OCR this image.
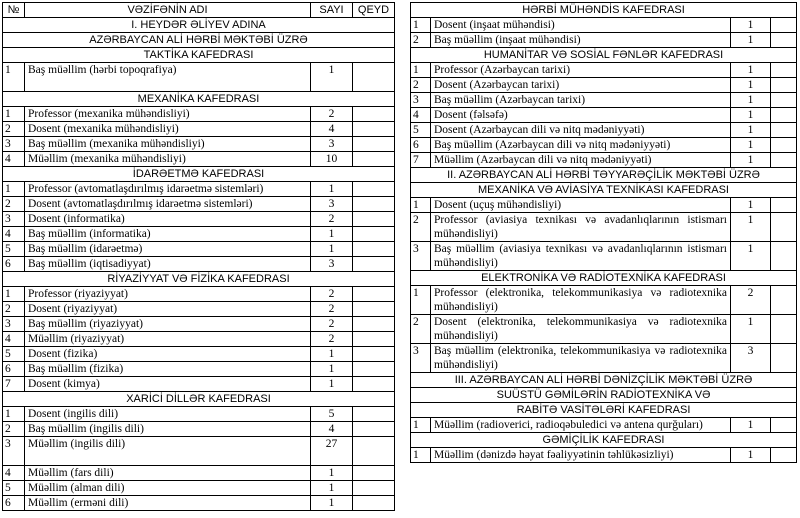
№	VƏZİFƏNİN ADI	SAYI	QEYD
I. HEYDƏR ƏLİYEV ADINA			
AZƏRBAYCAN ALİ HƏRBİ MƏKTƏBİ ÜZRƏ			
TAKTİKA KAFEDRASI			
1	Baş müəllim (hərbi topoqrafiya)	1	
MEXANİKA KAFEDRASI			
1	Professor (mexanika mühəndisliyi)	2	
2	Dosent (mexanika mühəndisliyi)	4	
3	Baş müəllim (mexanika mühəndisliyi)	3	
4	Müəllim (mexanika mühəndisliyi)	10	
İDARƏETMƏ KAFEDRASI			
1	Professor (avtomatlaşdırılmış idarəetmə sistemləri)	1	
2	Dosent (avtomatlaşdırılmış idarəetmə sistemləri)	3	
3	Dosent (informatika)	2	
4	Baş müəllim (informatika)	1	
5	Baş müəllim (idarəetmə)	1	
6	Baş müəllim (iqtisadiyyat)	3	
RİYAZİYYAT VƏ FİZİKA KAFEDRASI			
1	Professor (riyaziyyat)	2	
2	Dosent (riyaziyyat)	2	
3	Baş müəllim (riyaziyyat)	2	
4	Müəllim (riyaziyyat)	2	
5	Dosent (fizika)	1	
6	Baş müəllim (fizika)	1	
7	Dosent (kimya)	1	
XARİCİ DİLLƏR KAFEDRASI			
1	Dosent (ingilis dili)	5	
2	Baş müəllim (ingilis dili)	4	
3	Müəllim (ingilis dili)	27	
4	Müəllim (fars dili)	1	
5	Müəllim (alman dili)	1	
6	Müəllim (erməni dili)	1	
HƏRBİ MÜHƏNDİS KAFEDRASI			
1	Dosent (inşaat mühəndisi)	1	
2	Baş müəllim (inşaat mühəndisi)	1	
HUMANİTAR VƏ SOSİAL FƏNLƏR KAFEDRASI			
1	Professor (Azərbaycan tarixi)	1	
2	Dosent (Azərbaycan tarixi)	1	
3	Baş müəllim (Azərbaycan tarixi)	1	
4	Dosent (fəlsəfə)	1	
5	Dosent (Azərbaycan dili və nitq mədəniyyəti)	1	
6	Baş müəllim (Azərbaycan dili və nitq mədəniyyəti)	1	
7	Müəllim (Azərbaycan dili və nitq mədəniyyəti)	1	
II. AZƏRBAYCAN ALİ HƏRBİ TƏYYARƏÇİLİK MƏKTƏBİ ÜZRƏ			
MEXANİKA VƏ AVİASİYA TEXNİKASI KAFEDRASI			
1	Dosent (uçuş mühəndisliyi)	1	
2	Professor (aviasiya texnikası və avadanlıqlarının istismarı mühəndisliyi)	1	
3	Baş müəllim (aviasiya texnikası və avadanlıqlarının istismarı mühəndisliyi)	1	
ELEKTRONİKA VƏ RADİOTEXNİKA KAFEDRASI			
1	Professor (elektronika, telekommunikasiya və radiotexnika mühəndisliyi)	2	
2	Dosent (elektronika, telekommunikasiya və radiotexnika mühəndisliyi)	1	
3	Baş müəllim (elektronika, telekommunikasiya və radiotexnika mühəndisliyi)	3	
III. AZƏRBAYCAN ALİ HƏRBİ DƏNİZÇİLİK MƏKTƏBİ ÜZRƏ			
SUÜSTÜ GƏMİLƏRİN RADİOTEXNİKA VƏ			
RABİTƏ VASİTƏLƏRİ KAFEDRASI			
1	Müəllim (radioverici, radioqəbuledici və antena qurğuları)	1	
GƏMİÇİLİK KAFEDRASI			
1	Müəllim (dənizdə həyat fəaliyyətinin təhlükəsizliyi)	1	
